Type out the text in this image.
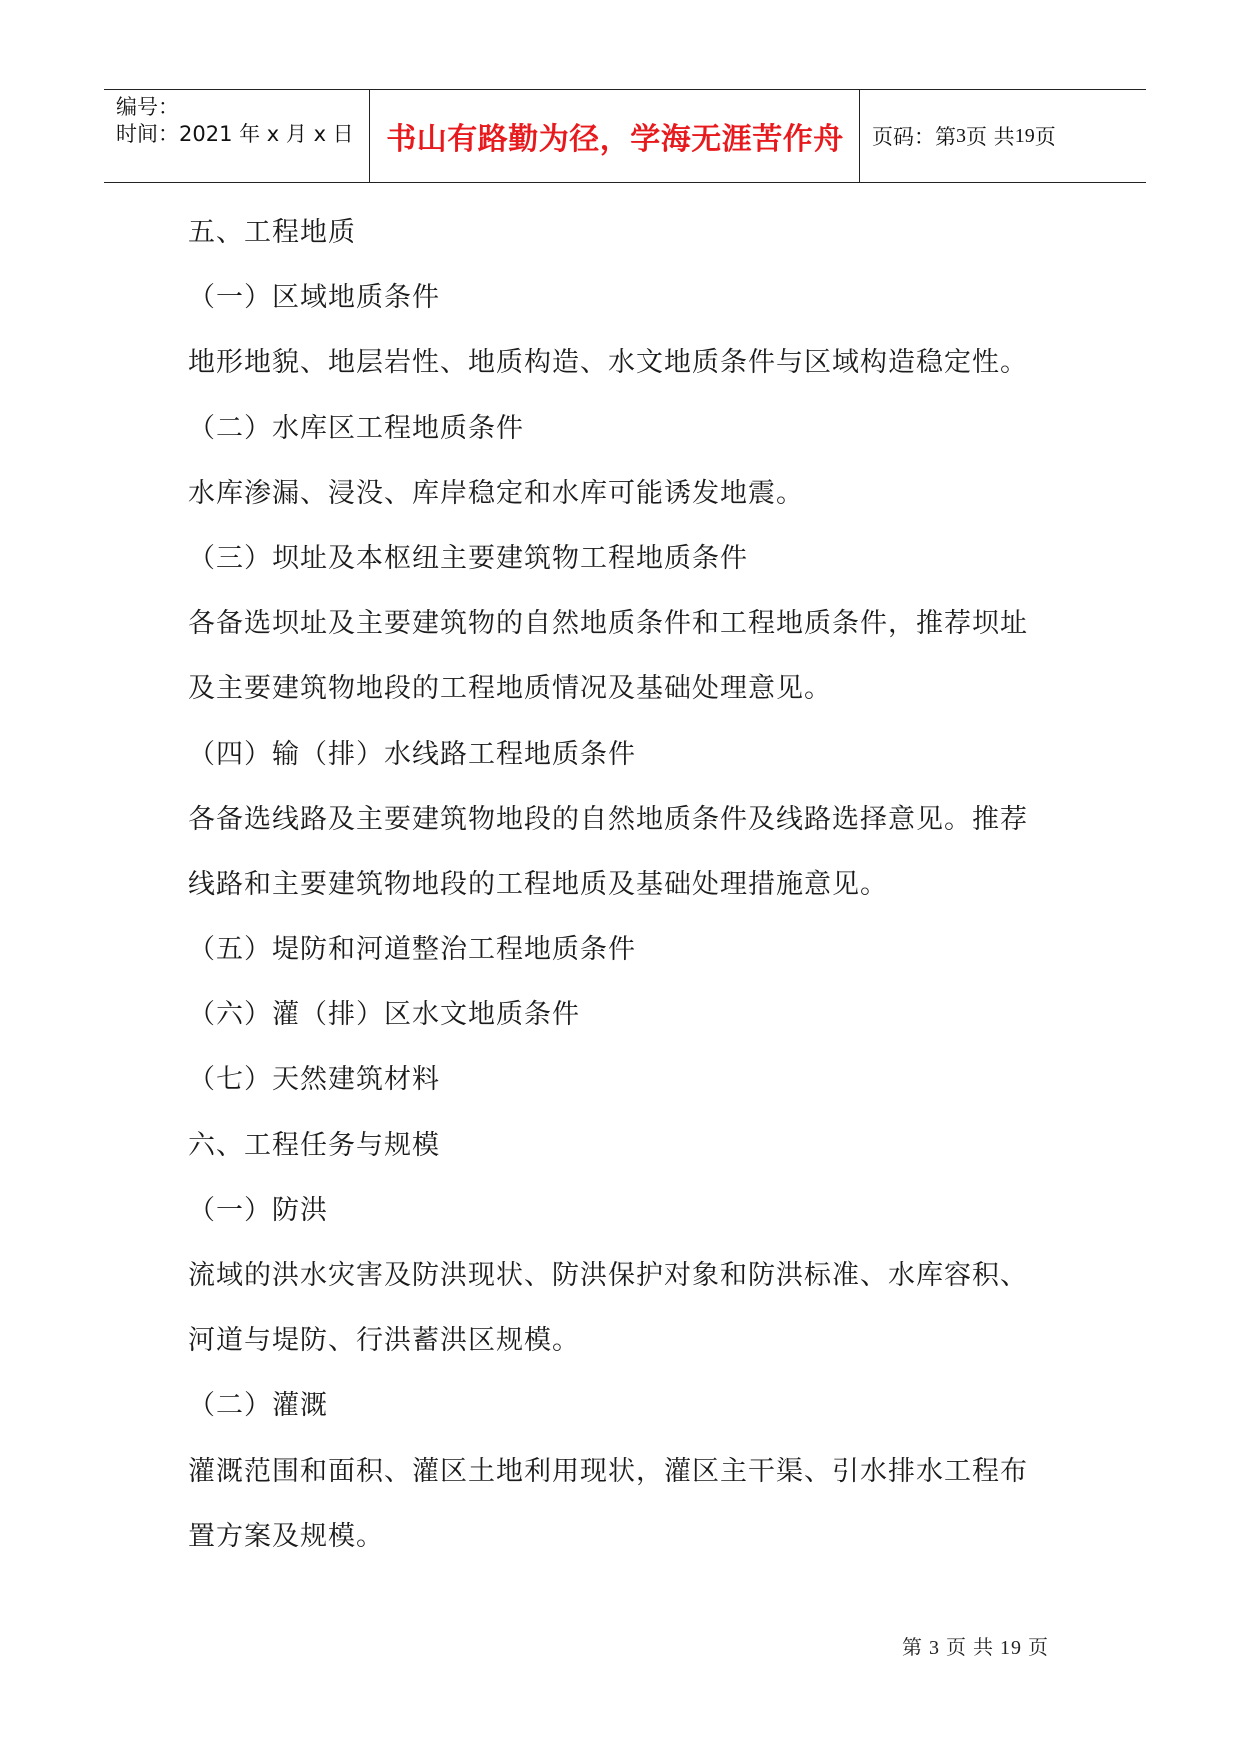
编号：
时间：2021 年 x 月 x 日	书山有路勤为径，学海无涯苦作舟	页码：第 3 页 共 19 页
五、工程地质
（一）区域地质条件
地形地貌、地层岩性、地质构造、水文地质条件与区域构造稳定性。
（二）水库区工程地质条件
水库渗漏、浸没、库岸稳定和水库可能诱发地震。
（三）坝址及本枢纽主要建筑物工程地质条件
各备选坝址及主要建筑物的自然地质条件和工程地质条件，推荐坝址
及主要建筑物地段的工程地质情况及基础处理意见。
（四）输（排）水线路工程地质条件
各备选线路及主要建筑物地段的自然地质条件及线路选择意见。推荐
线路和主要建筑物地段的工程地质及基础处理措施意见。
（五）堤防和河道整治工程地质条件
（六）灌（排）区水文地质条件
（七）天然建筑材料
六、工程任务与规模
（一）防洪
流域的洪水灾害及防洪现状、防洪保护对象和防洪标准、水库容积、
河道与堤防、行洪蓄洪区规模。
（二）灌溉
灌溉范围和面积、灌区土地利用现状，灌区主干渠、引水排水工程布
置方案及规模。
第 3 页 共 19 页
